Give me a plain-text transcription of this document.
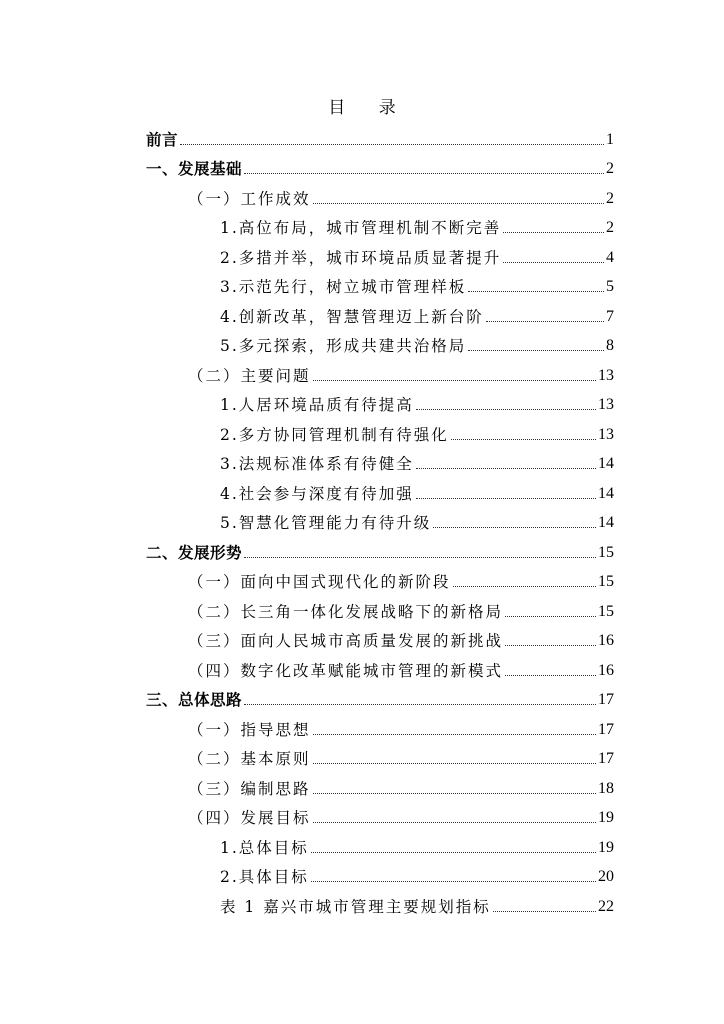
目 录
前言	1
一、发展基础	2
（一）工作成效	2
1.高位布局，城市管理机制不断完善	2
2.多措并举，城市环境品质显著提升	4
3.示范先行，树立城市管理样板	5
4.创新改革，智慧管理迈上新台阶	7
5.多元探索，形成共建共治格局	8
（二）主要问题	13
1.人居环境品质有待提高	13
2.多方协同管理机制有待强化	13
3.法规标准体系有待健全	14
4.社会参与深度有待加强	14
5.智慧化管理能力有待升级	14
二、发展形势	15
（一）面向中国式现代化的新阶段	15
（二）长三角一体化发展战略下的新格局	15
（三）面向人民城市高质量发展的新挑战	16
（四）数字化改革赋能城市管理的新模式	16
三、总体思路	17
（一）指导思想	17
（二）基本原则	17
（三）编制思路	18
（四）发展目标	19
1.总体目标	19
2.具体目标	20
表 1 嘉兴市城市管理主要规划指标	22
